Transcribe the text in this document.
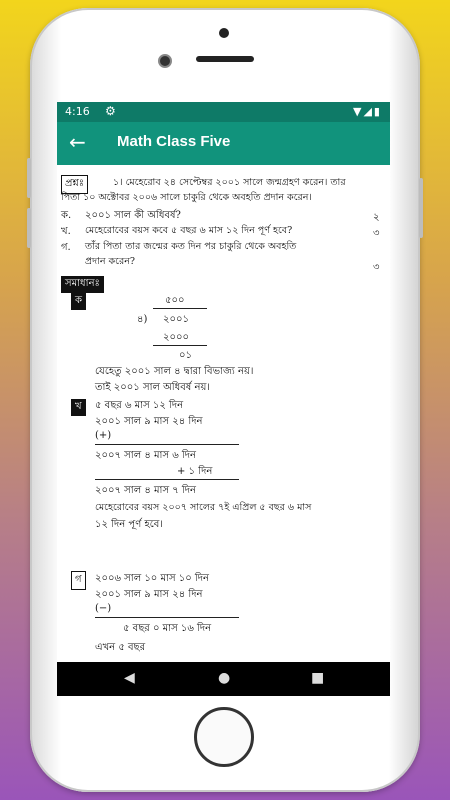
4:16 ⚙	▼◢▮
← Math Class Five
প্রশ্নঃ	১। মেহেরোব ২৪ সেপ্টেম্বর ২০০১ সালে জন্মগ্রহণ করেন। তার
পিতা ১০ অক্টোবর ২০০৬ সালে চাকুরি থেকে অবহতি প্রদান করেন।
ক. ২০০১ সাল কী অধিবর্ষ?	২
খ. মেহেরোবের বয়স কবে ৫ বছর ৬ মাস ১২ দিন পূর্ণ হবে?	৩
গ. তাঁর পিতা তার জন্মের কত দিন পর চাকুরি থেকে অবহতি
প্রদান করেন?
৩
সমাধানঃ
ক	৫০০
৪) ২০০১
২০০০
০১
যেহেতু ২০০১ সাল ৪ দ্বারা বিভাজ্য নয়।
তাই ২০০১ সাল অধিবর্ষ নয়।
খ	৫ বছর ৬ মাস ১২ দিন
২০০১ সাল ৯ মাস ২৪ দিন
(+)
২০০৭ সাল ৪ মাস ৬ দিন
+ ১ দিন
২০০৭ সাল ৪ মাস ৭ দিন
মেহেরোবের বয়স ২০০৭ সালের ৭ই এপ্রিল ৫ বছর ৬ মাস
১২ দিন পূর্ণ হবে।
গ	২০০৬ সাল ১০ মাস ১০ দিন
২০০১ সাল ৯ মাস ২৪ দিন
(−)
৫ বছর ০ মাস ১৬ দিন
এখন ৫ বছর
◀	●	■
